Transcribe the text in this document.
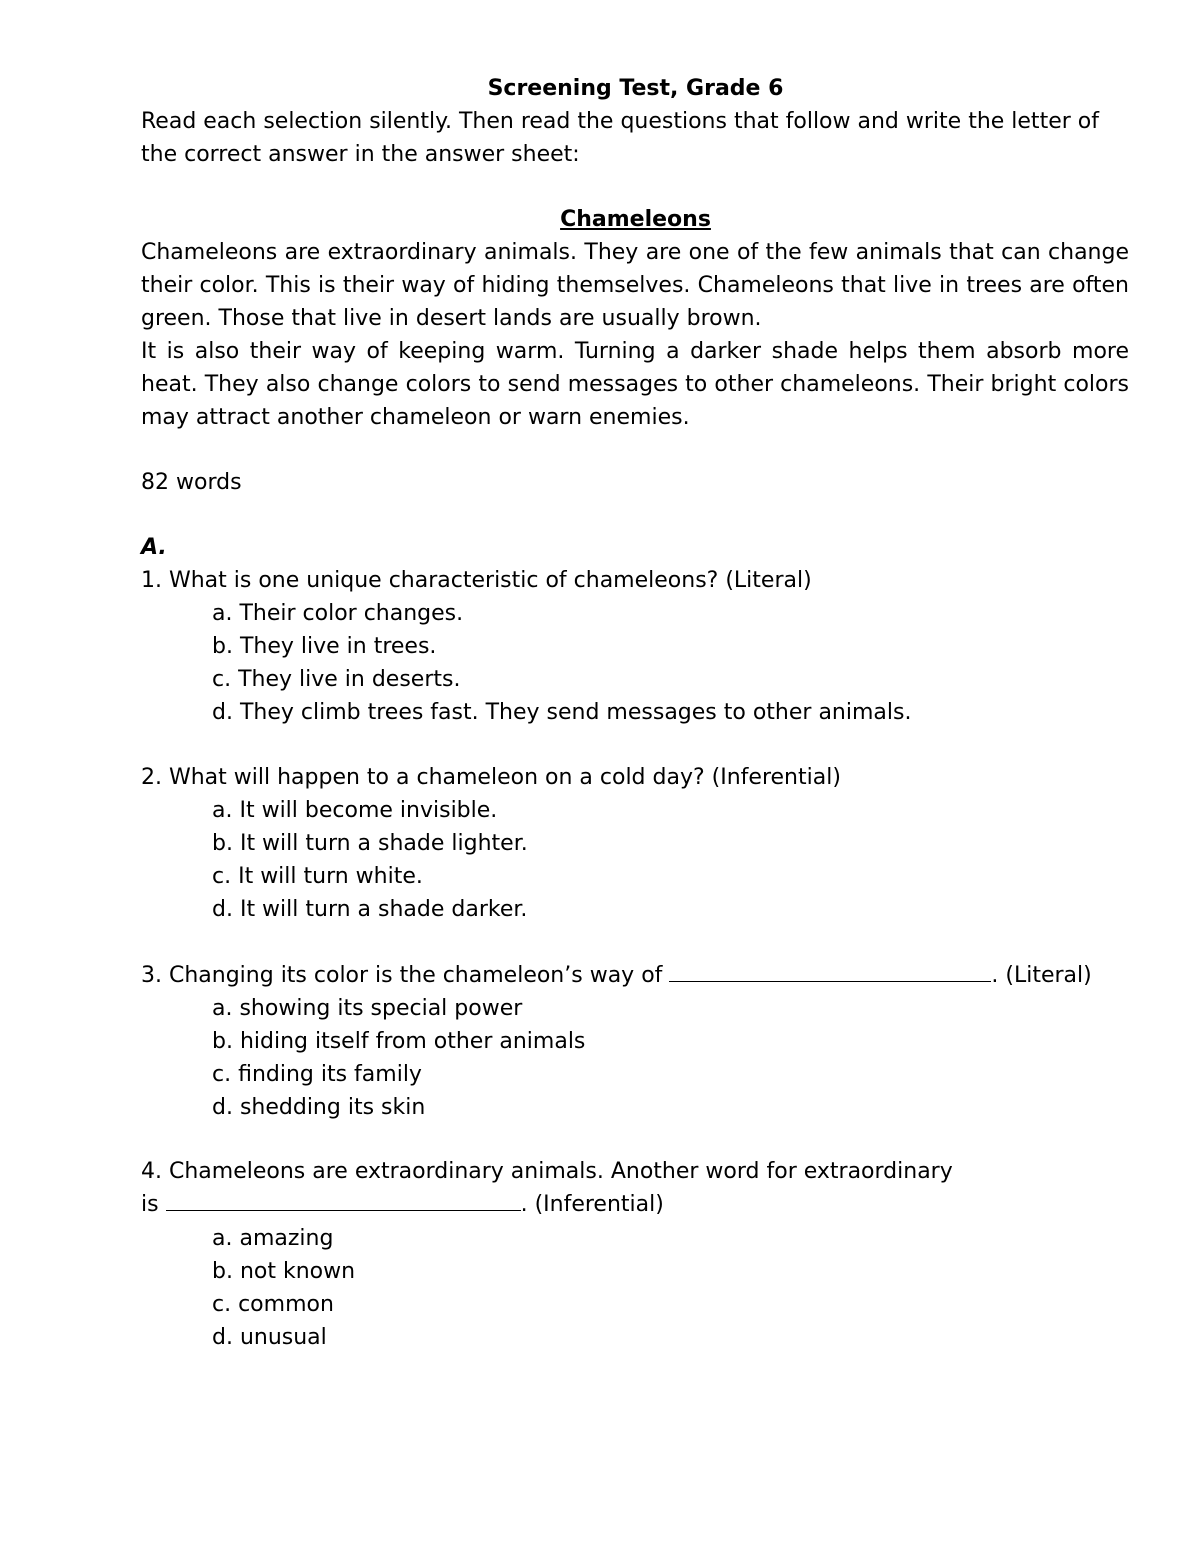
Screening Test, Grade 6
Read each selection silently. Then read the questions that follow and write the letter of
the correct answer in the answer sheet:
Chameleons
Chameleons are extraordinary animals. They are one of the few animals that can change
their color. This is their way of hiding themselves. Chameleons that live in trees are often
green. Those that live in desert lands are usually brown.
It is also their way of keeping warm. Turning a darker shade helps them absorb more
heat. They also change colors to send messages to other chameleons. Their bright colors
may attract another chameleon or warn enemies.
82 words
A.
1. What is one unique characteristic of chameleons? (Literal)
a. Their color changes.
b. They live in trees.
c. They live in deserts.
d. They climb trees fast. They send messages to other animals.
2. What will happen to a chameleon on a cold day? (Inferential)
a. It will become invisible.
b. It will turn a shade lighter.
c. It will turn white.
d. It will turn a shade darker.
3. Changing its color is the chameleon’s way of	. (Literal)
a. showing its special power
b. hiding itself from other animals
c. finding its family
d. shedding its skin
4. Chameleons are extraordinary animals. Another word for extraordinary
is	. (Inferential)
a. amazing
b. not known
c. common
d. unusual
